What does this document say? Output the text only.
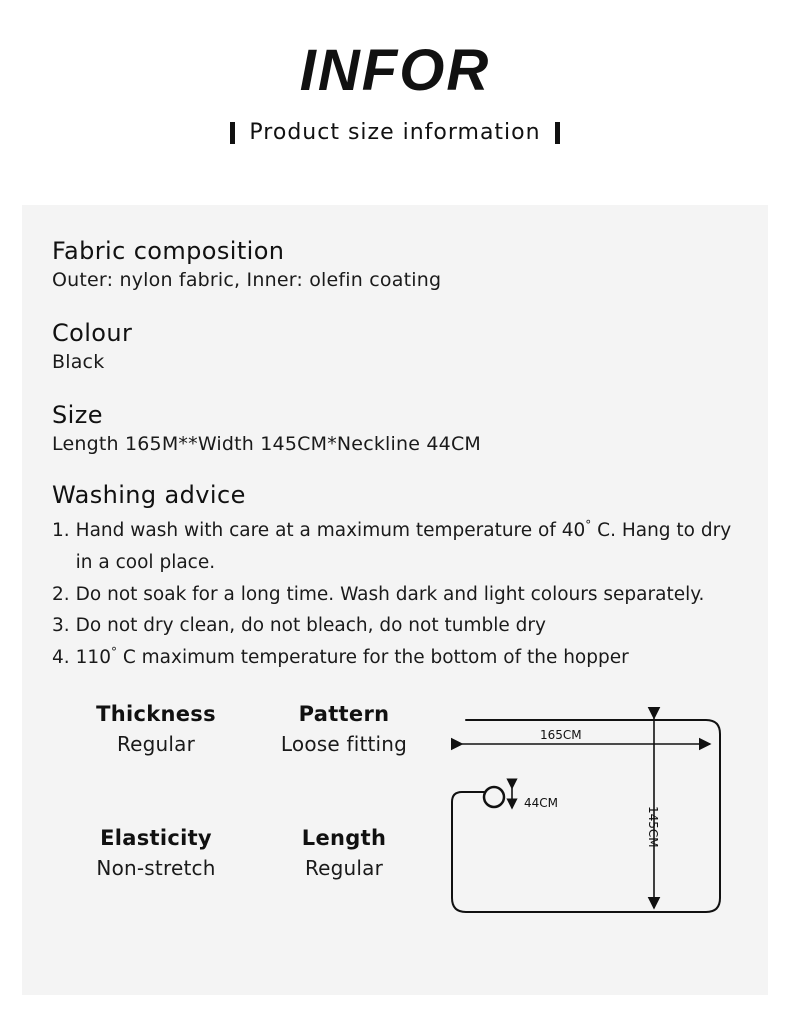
INFOR
Product size information
Fabric composition
Outer: nylon fabric, Inner: olefin coating
Colour
Black
Size
Length 165M**Width 145CM*Neckline 44CM
Washing advice
1. Hand wash with care at a maximum temperature of 40° C. Hang to dry in a cool place.
2. Do not soak for a long time. Wash dark and light colours separately.
3. Do not dry clean, do not bleach, do not tumble dry
4. 110° C maximum temperature for the bottom of the hopper
Thickness
Regular
Pattern
Loose fitting
Elasticity
Non-stretch
Length
Regular
165CM
44CM
145CM
